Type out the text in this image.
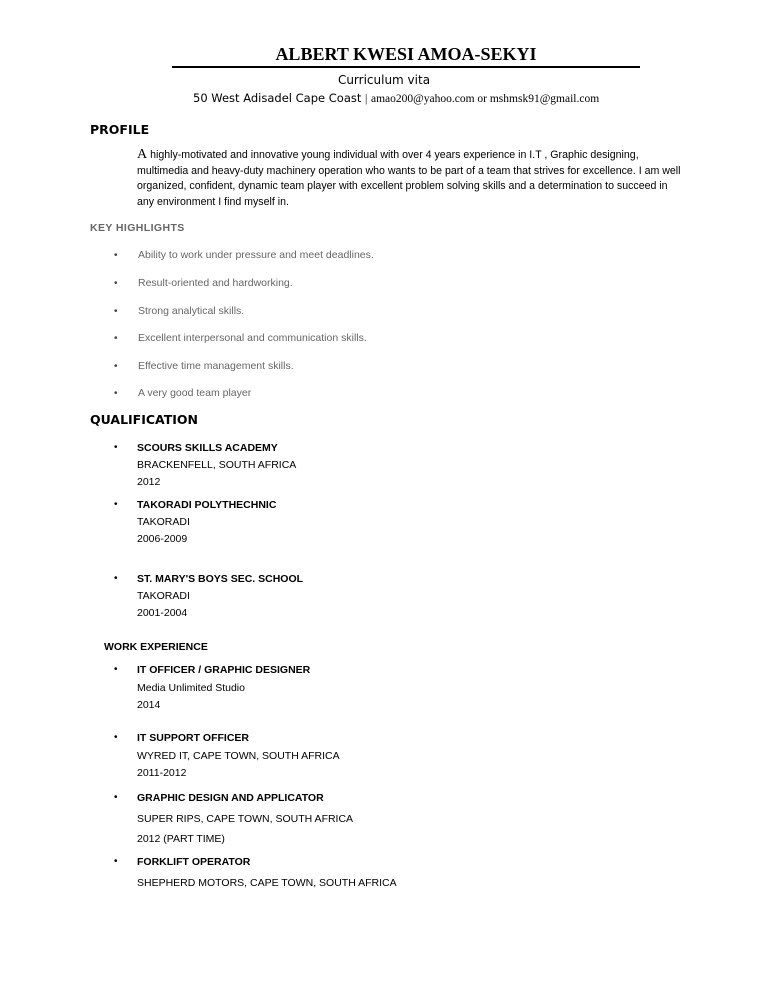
ALBERT KWESI AMOA-SEKYI
Curriculum vita
50 West Adisadel Cape Coast | amao200@yahoo.com or mshmsk91@gmail.com
PROFILE
A highly-motivated and innovative young individual with over 4 years experience in I.T , Graphic designing, multimedia and heavy-duty machinery operation who wants to be part of a team that strives for excellence. I am well organized, confident, dynamic team player with excellent problem solving skills and a determination to succeed in any environment I find myself in.
KEY HIGHLIGHTS
• Ability to work under pressure and meet deadlines.
• Result-oriented and hardworking.
• Strong analytical skills.
• Excellent interpersonal and communication skills.
• Effective time management skills.
• A very good team player
QUALIFICATION
• SCOURS SKILLS ACADEMY
BRACKENFELL, SOUTH AFRICA
2012
• TAKORADI POLYTHECHNIC
TAKORADI
2006-2009
• ST. MARY'S BOYS SEC. SCHOOL
TAKORADI
2001-2004
WORK EXPERIENCE
• IT OFFICER / GRAPHIC DESIGNER
Media Unlimited Studio
2014
• IT SUPPORT OFFICER
WYRED IT, CAPE TOWN, SOUTH AFRICA
2011-2012
• GRAPHIC DESIGN AND APPLICATOR
SUPER RIPS, CAPE TOWN, SOUTH AFRICA
2012 (PART TIME)
• FORKLIFT OPERATOR
SHEPHERD MOTORS, CAPE TOWN, SOUTH AFRICA
